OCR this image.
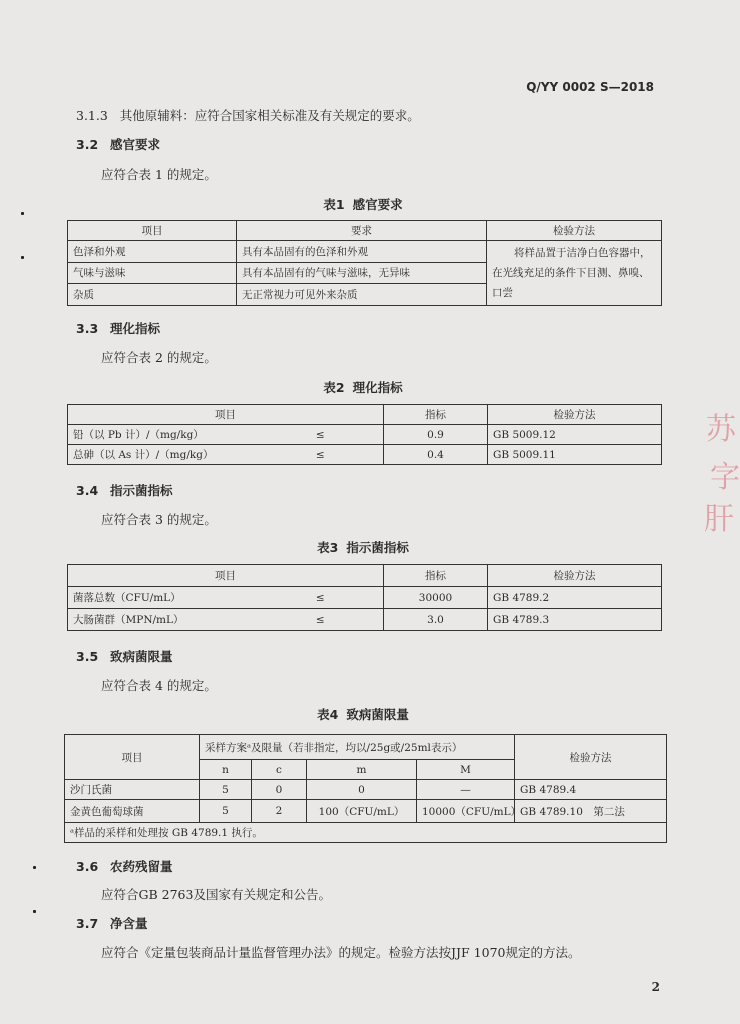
Q/YY 0002 S—2018
3.1.3 其他原辅料：应符合国家相关标准及有关规定的要求。
3.2 感官要求
应符合表 1 的规定。
表1 感官要求
项目	要求	检验方法
色泽和外观	具有本品固有的色泽和外观	将样品置于洁净白色容器中，
在光线充足的条件下目测、鼻嗅、
口尝

气味与滋味	具有本品固有的气味与滋味，无异味	
杂质	无正常视力可见外来杂质	
3.3 理化指标
应符合表 2 的规定。
表2 理化指标
项目		指标	检验方法
铅（以 Pb 计）/（mg/kg）	≤	0.9	GB 5009.12
总砷（以 As 计）/（mg/kg）	≤	0.4	GB 5009.11
3.4 指示菌指标
应符合表 3 的规定。
表3 指示菌指标
项目		指标	检验方法
菌落总数（CFU/mL）	≤	30000	GB 4789.2
大肠菌群（MPN/mL）	≤	3.0	GB 4789.3
3.5 致病菌限量
应符合表 4 的规定。
表4 致病菌限量
项目	采样方案ᵃ及限量（若非指定，均以/25g或/25ml表示）				检验方法
	n	c	m	M	
沙门氏菌	5	0	0	—	GB 4789.4
金黄色葡萄球菌	5	2	100（CFU/mL）	10000（CFU/mL）	GB 4789.10　第二法
ᵃ样品的采样和处理按 GB 4789.1 执行。					
3.6 农药残留量
应符合GB 2763及国家有关规定和公告。
3.7 净含量
应符合《定量包装商品计量监督管理办法》的规定。检验方法按JJF 1070规定的方法。
2
苏
字
肝
